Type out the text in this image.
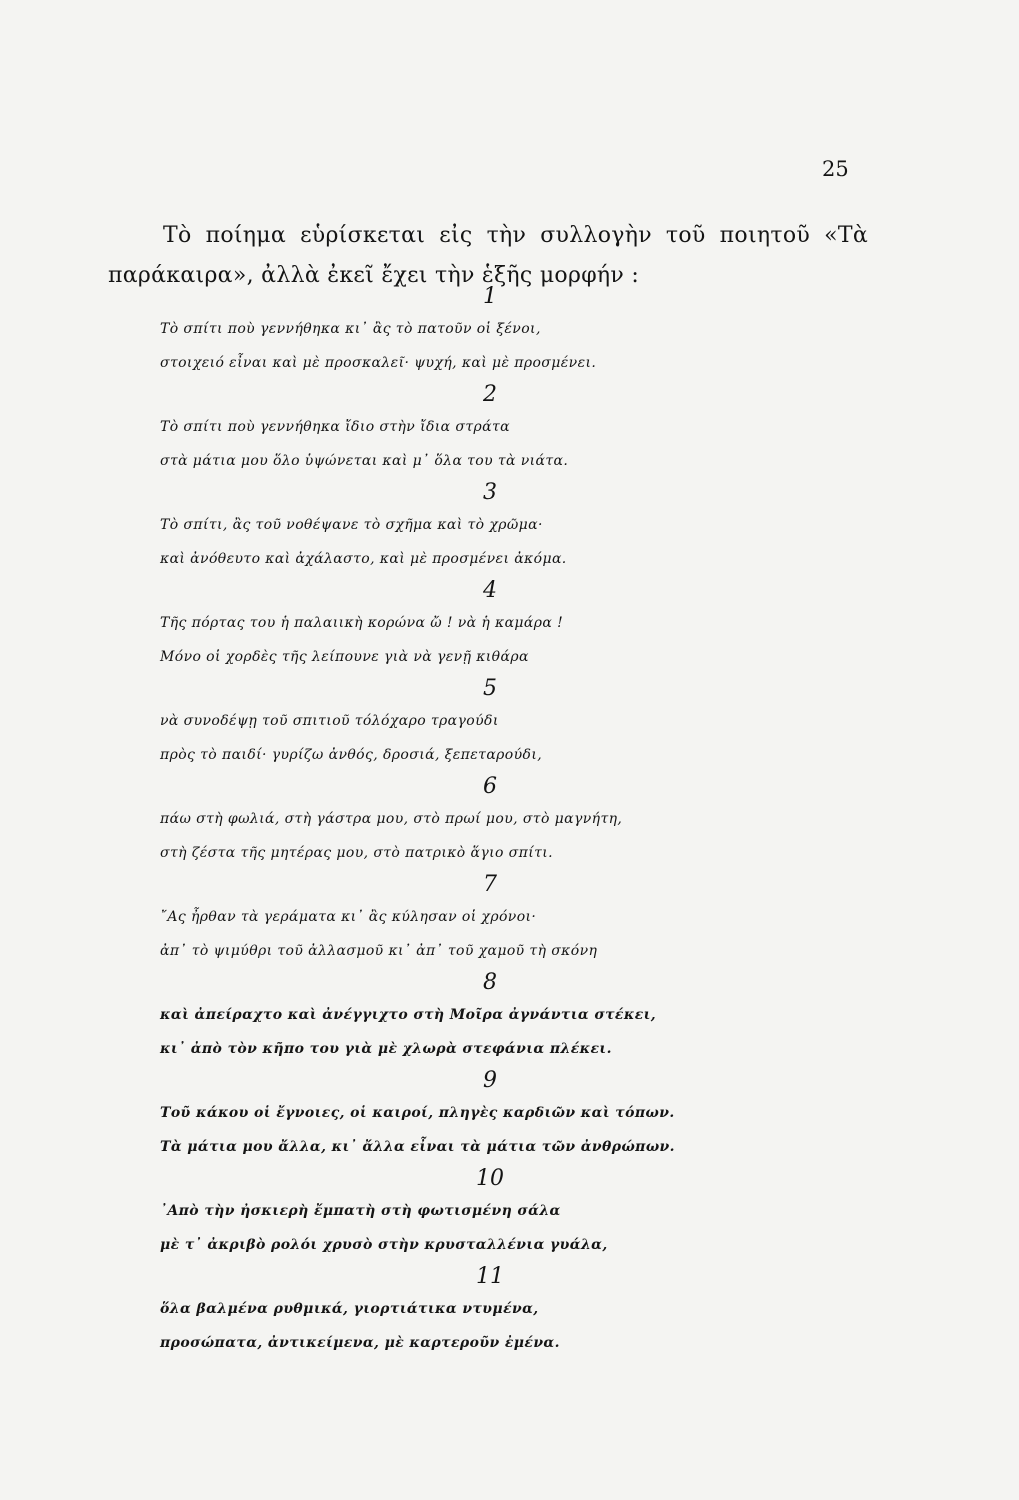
25
Τὸ ποίημα εὑρίσκεται εἰς τὴν συλλογὴν τοῦ ποιητοῦ «Τὰ
παράκαιρα», ἀλλὰ ἐκεῖ ἔχει τὴν ἑξῆς μορφήν :
1
Τὸ σπίτι ποὺ γεννήθηκα κι᾽ ἂς τὸ πατοῦν οἱ ξένοι,
στοιχειό εἶναι καὶ μὲ προσκαλεῖ· ψυχή, καὶ μὲ προσμένει.
2
Τὸ σπίτι ποὺ γεννήθηκα ἴδιο στὴν ἴδια στράτα
στὰ μάτια μου ὅλο ὑψώνεται καὶ μ᾽ ὅλα του τὰ νιάτα.
3
Τὸ σπίτι, ἂς τοῦ νοθέψανε τὸ σχῆμα καὶ τὸ χρῶμα·
καὶ ἀνόθευτο καὶ ἀχάλαστο, καὶ μὲ προσμένει ἀκόμα.
4
Τῆς πόρτας του ἡ παλαιικὴ κορώνα ὤ ! νὰ ἡ καμάρα !
Μόνο οἱ χορδὲς τῆς λείπουνε γιὰ νὰ γενῇ κιθάρα
5
νὰ συνοδέψῃ τοῦ σπιτιοῦ τόλόχαρο τραγούδι
πρὸς τὸ παιδί· γυρίζω ἀνθός, δροσιά, ξεπεταρούδι,
6
πάω στὴ φωλιά, στὴ γάστρα μου, στὸ πρωί μου, στὸ μαγνήτη,
στὴ ζέστα τῆς μητέρας μου, στὸ πατρικὸ ἅγιο σπίτι.
7
῎Ας ἦρθαν τὰ γεράματα κι᾽ ἂς κύλησαν οἱ χρόνοι·
ἀπ᾽ τὸ ψιμύθρι τοῦ ἀλλασμοῦ κι᾽ ἀπ᾽ τοῦ χαμοῦ τὴ σκόνη
8
καὶ ἀπείραχτο καὶ ἀνέγγιχτο στὴ Μοῖρα ἀγνάντια στέκει,
κι᾽ ἀπὸ τὸν κῆπο του γιὰ μὲ χλωρὰ στεφάνια πλέκει.
9
Τοῦ κάκου οἱ ἔγνοιες, οἱ καιροί, πληγὲς καρδιῶν καὶ τόπων.
Τὰ μάτια μου ἄλλα, κι᾽ ἄλλα εἶναι τὰ μάτια τῶν ἀνθρώπων.
10
᾽Απὸ τὴν ἠσκιερὴ ἔμπατὴ στὴ φωτισμένη σάλα
μὲ τ᾽ ἀκριβὸ ρολόι χρυσὸ στὴν κρυσταλλένια γυάλα,
11
ὅλα βαλμένα ρυθμικά, γιορτιάτικα ντυμένα,
προσώπατα, ἀντικείμενα, μὲ καρτεροῦν ἐμένα.
